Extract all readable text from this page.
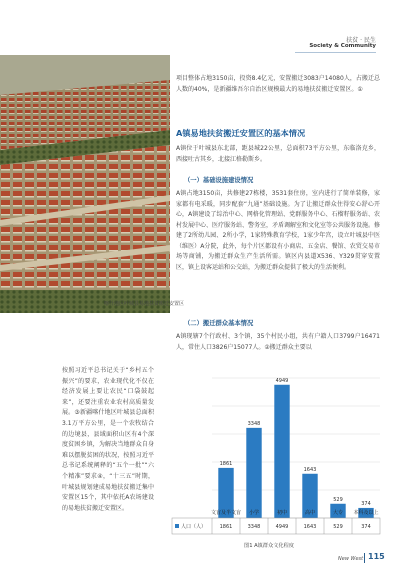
扶贫 · 民生
Society & Community
喀什地区叶城县易地扶贫搬迁安置区
项目整体占地3150亩，投资8.4亿元，安置搬迁3083户14080人，占搬迁总人数的40%，是新疆维吾尔自治区规模最大的易地扶贫搬迁安置区。①
A镇易地扶贫搬迁安置区的基本情况
A镇位于叶城县东北部，距县城22公里，总面积73平方公里，东临洛克乡，西接吐古其乡，北接江格勒斯乡。
（一）基础设施建设情况
A镇占地3150亩，共修建27栋楼，3531套住房，室内进行了简单装修，家家都有电采暖，同步配套“九通”基础设施。为了让搬迁群众住得安心舒心开心，A镇建设了综治中心、网格化管理站、党群服务中心、石榴籽服务站、农村发展中心、医疗服务站、警务室，矛盾调解室和文化室等公共服务设施。修建了2所幼儿园、2所小学，1家特殊教育学校，1家少年宫，设立叶城县中医（维医）A分院，此外，每个片区都设有小商店、五金店、餐馆、农贸交易市场等商铺，为搬迁群众生产生活所需。镇区内县道X536、Y329贯穿安置区，镇上设客运站和公交站，为搬迁群众提供了极大的生活便利。
（二）搬迁群众基本情况
A镇现辖7个行政村、3个镇，35个村民小组，共有户籍人口3799户16471人，常住人口3826户15077人。②搬迁群众主要以
按照习近平总书记关于“乡村五个振兴”的要求，农业现代化不仅在经济发展上要让农民“口袋鼓起来”，还要注重农业农村高质量发展。③新疆喀什地区叶城县总面积3.1万平方公里，是一个农牧结合的边境县，县域面积山区有4个深度贫困乡镇，为解决当地群众自身难以摆脱贫困的状况，按照习近平总书记系统阐释的“五个一批”“六个精准”要求④，“十三五”时期，叶城县规划建成易地扶贫搬迁集中安置区15个，其中依托A农场建设的易地扶贫搬迁安置区。
1861
文盲及半文盲
3348
小学
4949
初中
1643
高中
529
大专
374
本科及以上
人口（人）	1861	3348	4949	1643	529	374
图1 A镇群众文化程度
New West 115
